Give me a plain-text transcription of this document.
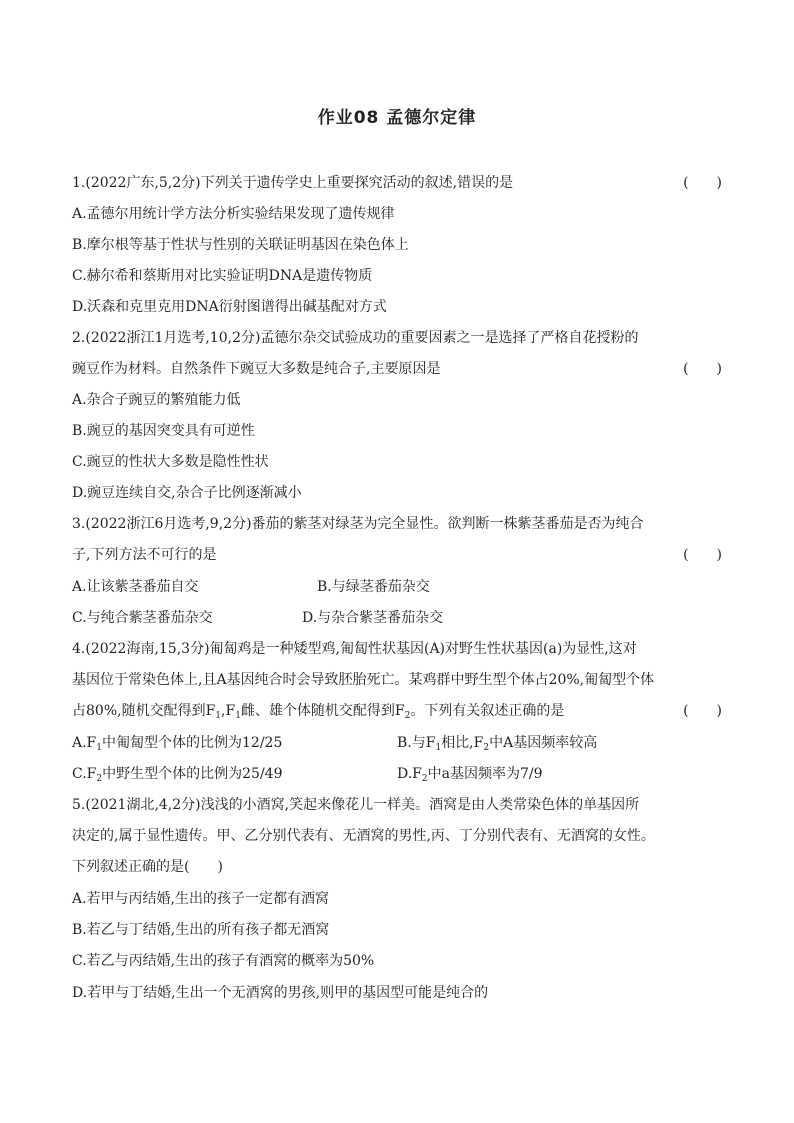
作业08 孟德尔定律
1.(2022广东,5,2分)下列关于遗传学史上重要探究活动的叙述,错误的是	(　　)
A.孟德尔用统计学方法分析实验结果发现了遗传规律
B.摩尔根等基于性状与性别的关联证明基因在染色体上
C.赫尔希和蔡斯用对比实验证明DNA是遗传物质
D.沃森和克里克用DNA衍射图谱得出碱基配对方式
2.(2022浙江1月选考,10,2分)孟德尔杂交试验成功的重要因素之一是选择了严格自花授粉的
豌豆作为材料。自然条件下豌豆大多数是纯合子,主要原因是	(　　)
A.杂合子豌豆的繁殖能力低
B.豌豆的基因突变具有可逆性
C.豌豆的性状大多数是隐性性状
D.豌豆连续自交,杂合子比例逐渐减小
3.(2022浙江6月选考,9,2分)番茄的紫茎对绿茎为完全显性。欲判断一株紫茎番茄是否为纯合
子,下列方法不可行的是	(　　)
A.让该紫茎番茄自交	B.与绿茎番茄杂交
C.与纯合紫茎番茄杂交	D.与杂合紫茎番茄杂交
4.(2022海南,15,3分)匍匐鸡是一种矮型鸡,匍匐性状基因(A)对野生性状基因(a)为显性,这对
基因位于常染色体上,且A基因纯合时会导致胚胎死亡。某鸡群中野生型个体占20%,匍匐型个体
占80%,随机交配得到$F_1,F_1$雌、雄个体随机交配得到$F_2$。下列有关叙述正确的是	(　　)
$A.F_1$中匍匐型个体的比例为12/25	B.与$F_1$相比$,F_2$中A基因频率较高
$C.F_2$中野生型个体的比例为25/49	$D.F_2$中a基因频率为7/9
5.(2021湖北,4,2分)浅浅的小酒窝,笑起来像花儿一样美。酒窝是由人类常染色体的单基因所
决定的,属于显性遗传。甲、乙分别代表有、无酒窝的男性,丙、丁分别代表有、无酒窝的女性。
下列叙述正确的是(　　)
A.若甲与丙结婚,生出的孩子一定都有酒窝
B.若乙与丁结婚,生出的所有孩子都无酒窝
C.若乙与丙结婚,生出的孩子有酒窝的概率为50%
D.若甲与丁结婚,生出一个无酒窝的男孩,则甲的基因型可能是纯合的
